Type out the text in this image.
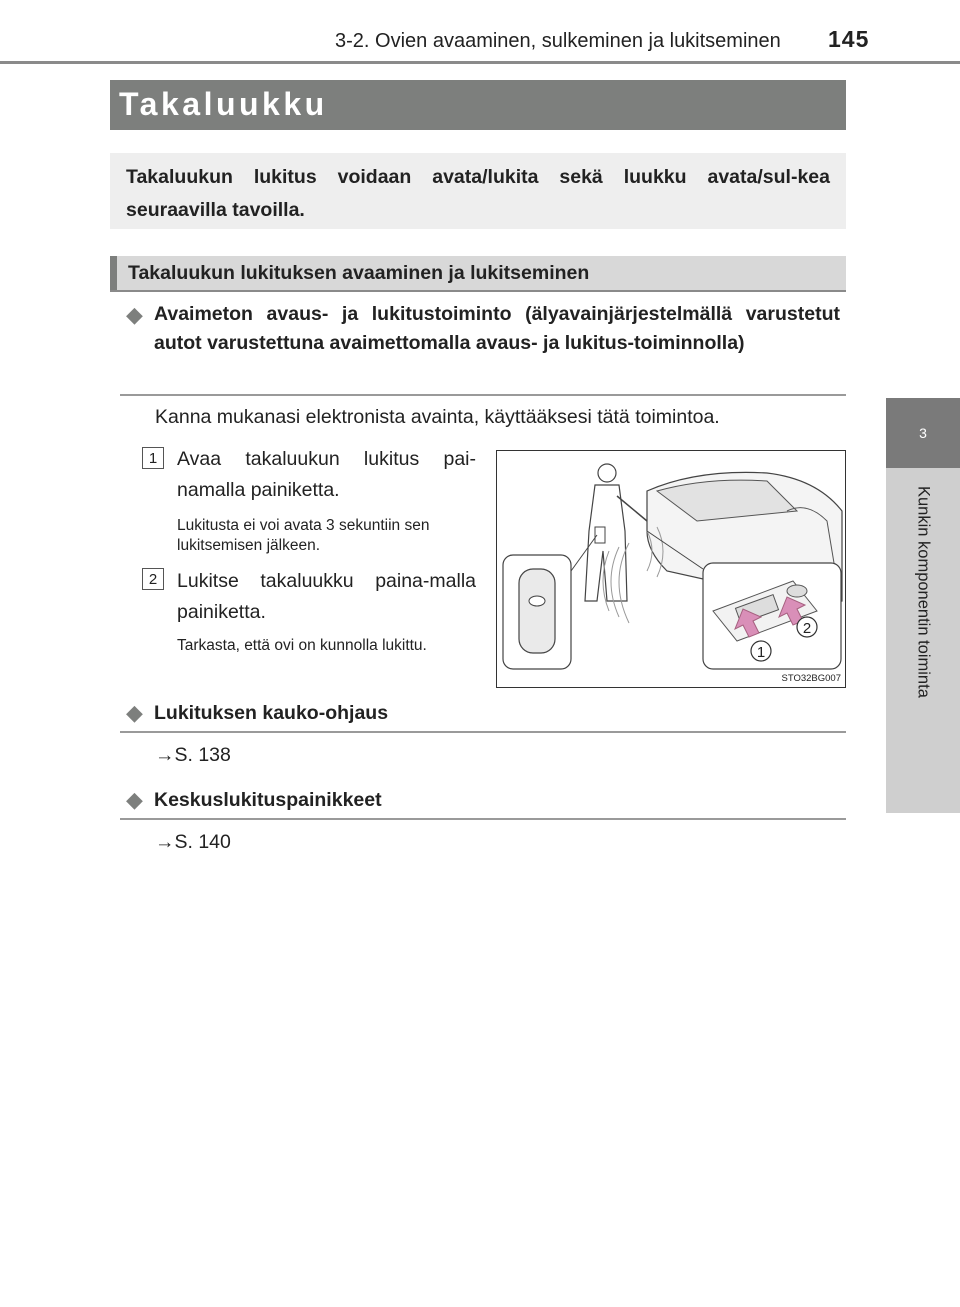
3-2. Ovien avaaminen, sulkeminen ja lukitseminen 145
3
Kunkin komponentin toiminta
Takaluukku

Takaluukun lukitus voidaan avata/lukita sekä luukku avata/sul-kea seuraavilla tavoilla.

Takaluukun lukituksen avaaminen ja lukitseminen
◆ Avaimeton avaus- ja lukitustoiminto (älyavainjärjestelmällä varustetut autot varustettuna avaimettomalla avaus- ja lukitus-toiminnolla)

Kanna mukanasi elektronista avainta, käyttääksesi tätä toimintoa.
1	Avaa takaluukun lukitus pai-namalla painiketta.
Lukitusta ei voi avata 3 sekuntiin sen lukitsemisen jälkeen.
2	Lukitse takaluukku paina-malla painiketta.
Tarkasta, että ovi on kunnolla lukittu.	1
2
STO32BG007
◆ Lukituksen kauko-ohjaus
→S. 138
◆ Keskuslukituspainikkeet
→S. 140
